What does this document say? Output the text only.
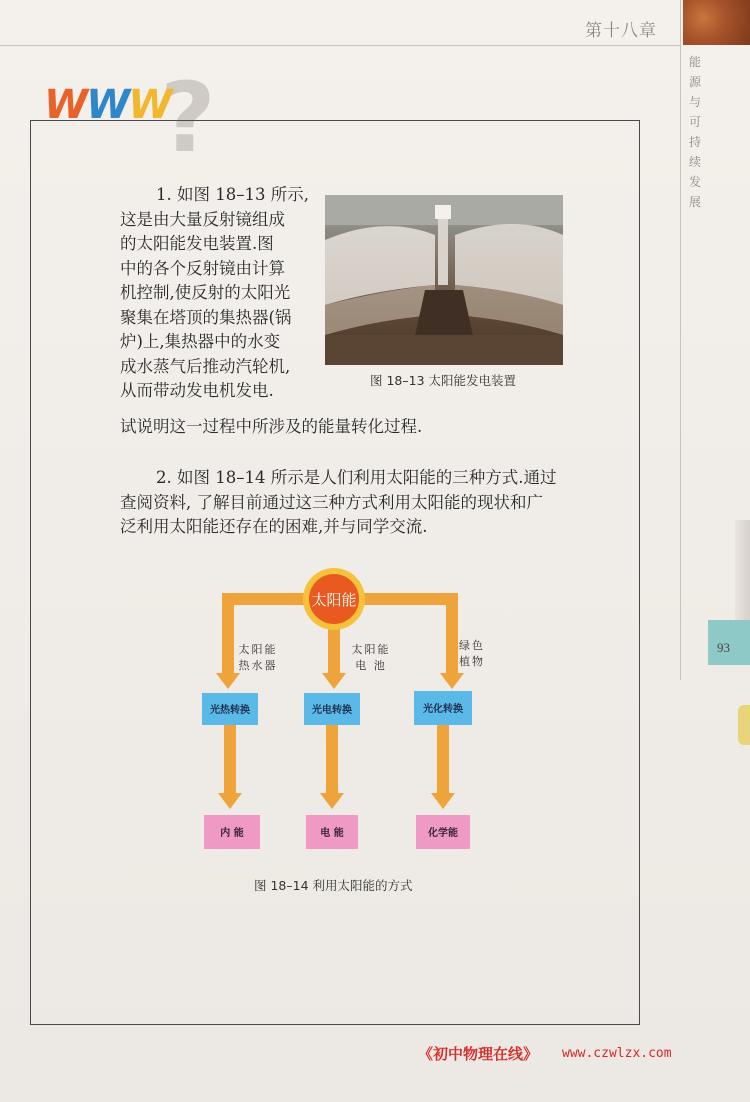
第十八章
能源与可持续发展
93
?
WWW
1. 如图 18–13 所示,
这是由大量反射镜组成
的太阳能发电装置.图
中的各个反射镜由计算
机控制,使反射的太阳光
聚集在塔顶的集热器(锅
炉)上,集热器中的水变
成水蒸气后推动汽轮机,
从而带动发电机发电.
图 18–13 太阳能发电装置
试说明这一过程中所涉及的能量转化过程.
2. 如图 18–14 所示是人们利用太阳能的三种方式.通过
查阅资料, 了解目前通过这三种方式利用太阳能的现状和广
泛利用太阳能还存在的困难,并与同学交流.
太阳能
太阳能
热水器
太阳能
电 池
绿色
植物
光热转换	光电转换	光化转换
内 能	电 能	化学能
图 18–14 利用太阳能的方式
《初中物理在线》 www.czwlzx.com
